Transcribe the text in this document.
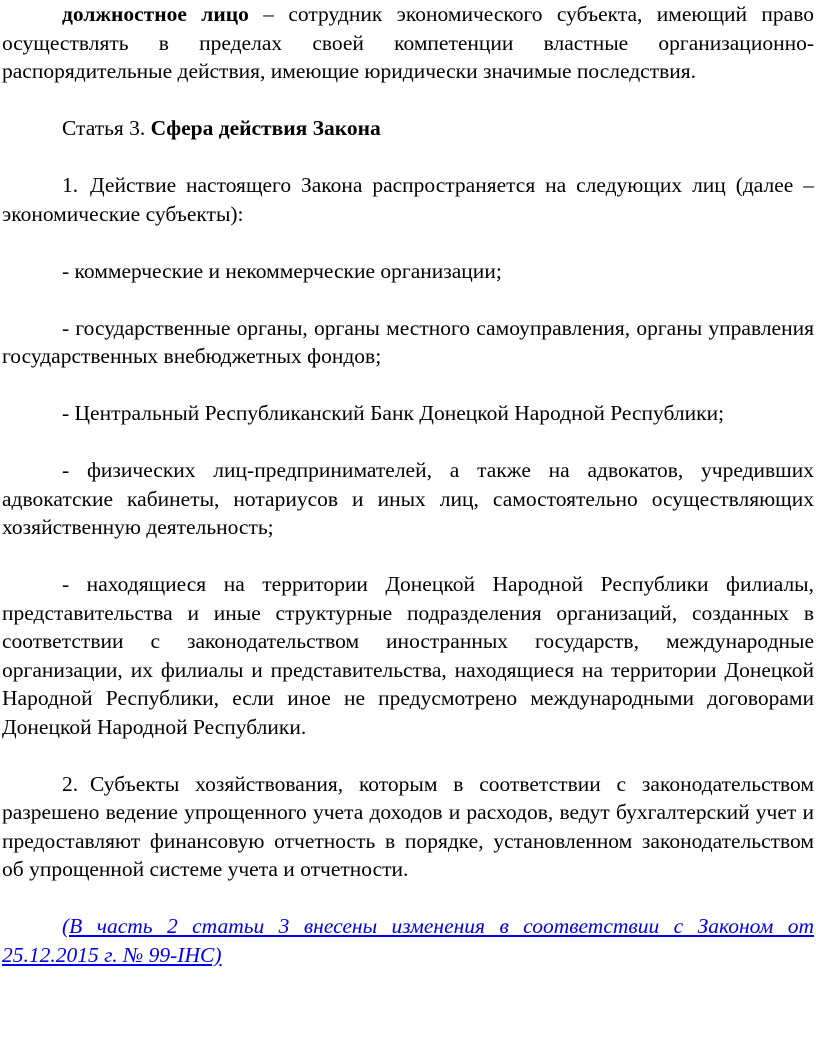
должностное лицо – сотрудник экономического субъекта, имеющий право осуществлять в пределах своей компетенции властные организационно-распорядительные действия, имеющие юридически значимые последствия.

Статья 3. Сфера действия Закона

1. Действие настоящего Закона распространяется на следующих лиц (далее – экономические субъекты):

- коммерческие и некоммерческие организации;

- государственные органы, органы местного самоуправления, органы управления государственных внебюджетных фондов;

- Центральный Республиканский Банк Донецкой Народной Республики;

- физических лиц-предпринимателей, а также на адвокатов, учредивших адвокатские кабинеты, нотариусов и иных лиц, самостоятельно осуществляющих хозяйственную деятельность;

- находящиеся на территории Донецкой Народной Республики филиалы, представительства и иные структурные подразделения организаций, созданных в соответствии с законодательством иностранных государств, международные организации, их филиалы и представительства, находящиеся на территории Донецкой Народной Республики, если иное не предусмотрено международными договорами Донецкой Народной Республики.

2. Субъекты хозяйствования, которым в соответствии с законодательством разрешено ведение упрощенного учета доходов и расходов, ведут бухгалтерский учет и предоставляют финансовую отчетность в порядке, установленном законодательством об упрощенной системе учета и отчетности.

(В часть 2 статьи 3 внесены изменения в соответствии с Законом от 25.12.2015 г. № 99-IНС)
